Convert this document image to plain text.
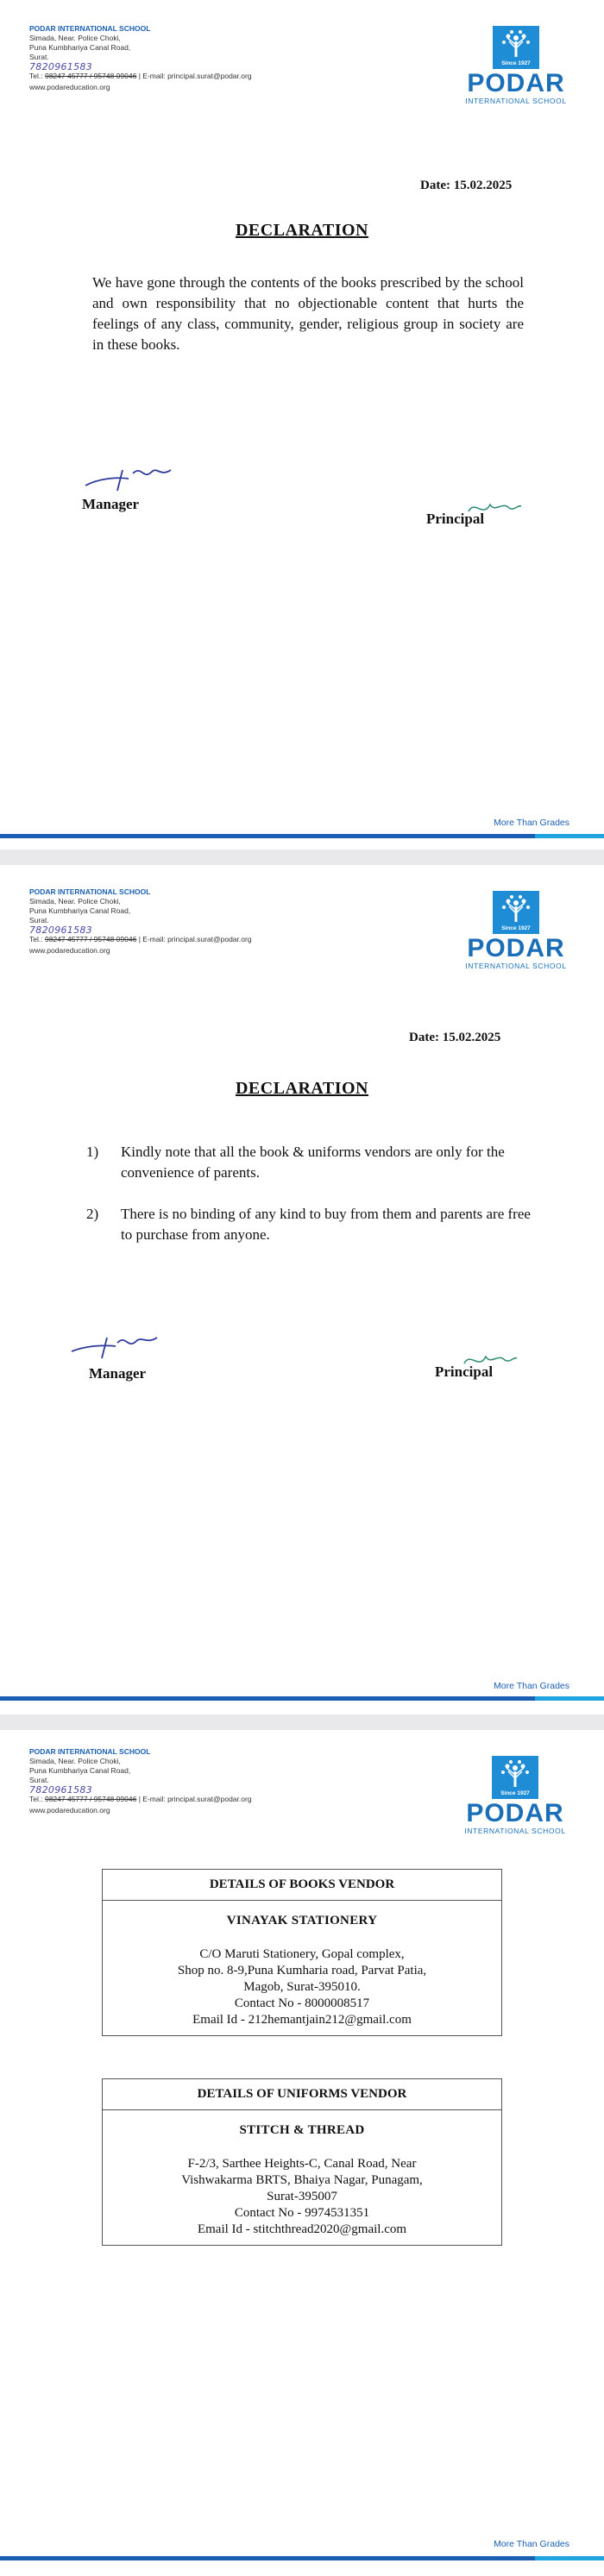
PODAR INTERNATIONAL SCHOOL
Simada, Near. Police Choki,
Puna Kumbhariya Canal Road,
Surat.
7820961583
Tel.: 98247 45777 / 95748 09046 | E-mail: principal.surat@podar.org
www.podareducation.org
Since 1927
PODAR
INTERNATIONAL SCHOOL
Date: 15.02.2025
DECLARATION
We have gone through the contents of the books prescribed by the school and own responsibility that no objectionable content that hurts the feelings of any class, community, gender, religious group in society are in these books.
Manager
Principal
More Than Grades
PODAR INTERNATIONAL SCHOOL
Simada, Near. Police Choki,
Puna Kumbhariya Canal Road,
Surat.
7820961583
Tel.: 98247 45777 / 95748 09046 | E-mail: principal.surat@podar.org
www.podareducation.org
Since 1927
PODAR
INTERNATIONAL SCHOOL
Date: 15.02.2025
DECLARATION
1)	Kindly note that all the book & uniforms vendors are only for the convenience of parents.
2)	There is no binding of any kind to buy from them and parents are free to purchase from anyone.
Manager	Principal
More Than Grades
PODAR INTERNATIONAL SCHOOL
Simada, Near. Police Choki,
Puna Kumbhariya Canal Road,
Surat.
7820961583
Tel.: 98247 45777 / 95748 09046 | E-mail: principal.surat@podar.org
www.podareducation.org
Since 1927
PODAR
INTERNATIONAL SCHOOL
DETAILS OF BOOKS VENDOR
VINAYAK STATIONERY
C/O Maruti Stationery, Gopal complex,
Shop no. 8-9,Puna Kumharia road, Parvat Patia,
Magob, Surat-395010.
Contact No - 8000008517
Email Id - 212hemantjain212@gmail.com
DETAILS OF UNIFORMS VENDOR
STITCH & THREAD
F-2/3, Sarthee Heights-C, Canal Road, Near
Vishwakarma BRTS, Bhaiya Nagar, Punagam,
Surat-395007
Contact No - 9974531351
Email Id - stitchthread2020@gmail.com
More Than Grades
